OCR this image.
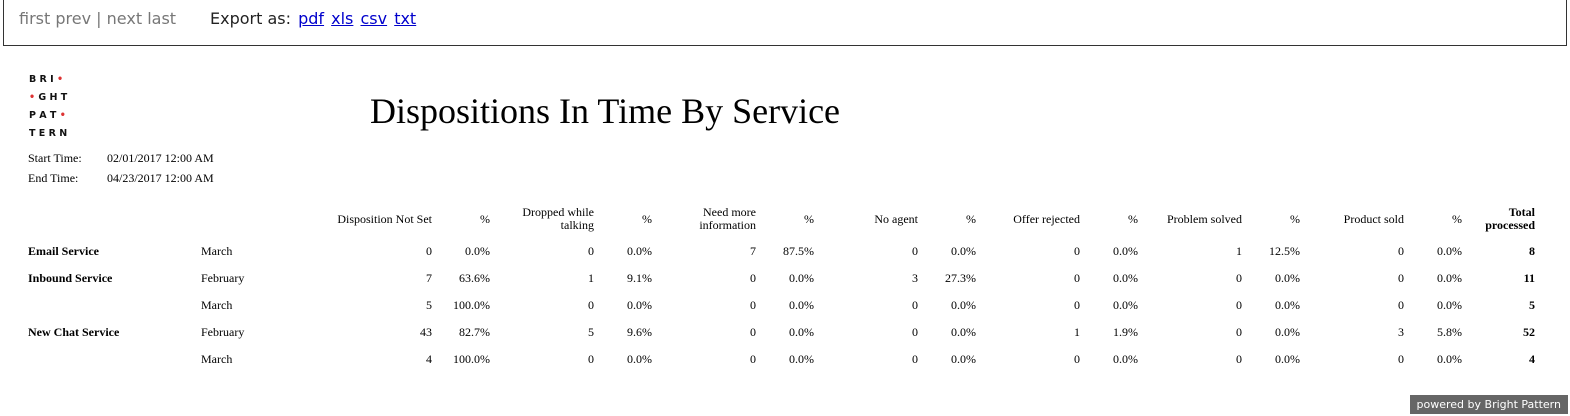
first prev | next last Export as: pdf xls csv txt
B R I •
• G H T
P A T •
T E R N
Dispositions In Time By Service
Start Time: 02/01/2017 12:00 AM
End Time: 04/23/2017 12:00 AM
		Disposition Not Set	%	Dropped while talking	%	Need more information	%	No agent	%	Offer rejected	%	Problem solved	%	Product sold	%	Total processed
Email Service	March	0	0.0%	0	0.0%	7	87.5%	0	0.0%	0	0.0%	1	12.5%	0	0.0%	8
Inbound Service	February	7	63.6%	1	9.1%	0	0.0%	3	27.3%	0	0.0%	0	0.0%	0	0.0%	11
	March	5	100.0%	0	0.0%	0	0.0%	0	0.0%	0	0.0%	0	0.0%	0	0.0%	5
New Chat Service	February	43	82.7%	5	9.6%	0	0.0%	0	0.0%	1	1.9%	0	0.0%	3	5.8%	52
	March	4	100.0%	0	0.0%	0	0.0%	0	0.0%	0	0.0%	0	0.0%	0	0.0%	4
powered by Bright Pattern
